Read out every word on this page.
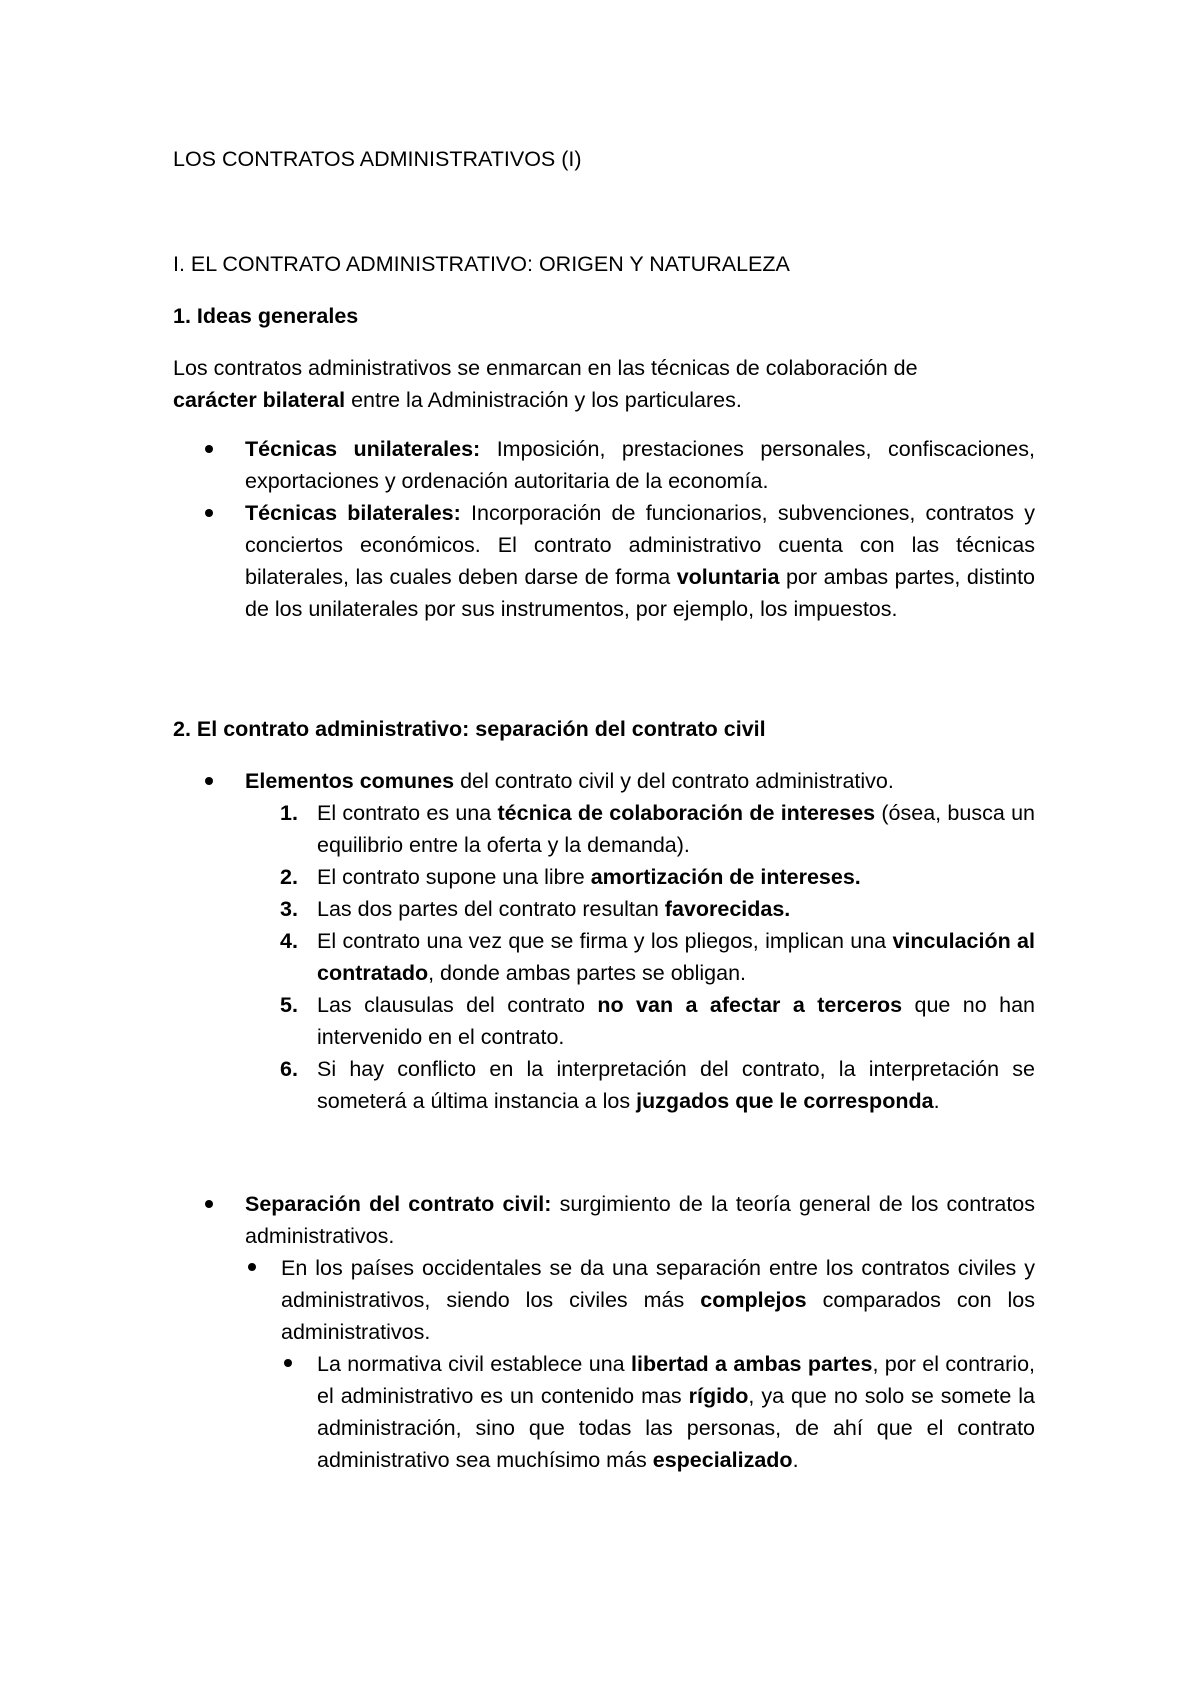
LOS CONTRATOS ADMINISTRATIVOS (I)

I. EL CONTRATO ADMINISTRATIVO: ORIGEN Y NATURALEZA

1. Ideas generales

Los contratos administrativos se enmarcan en las técnicas de colaboración de
carácter bilateral entre la Administración y los particulares.

Técnicas unilaterales: Imposición, prestaciones personales, confiscaciones, exportaciones y ordenación autoritaria de la economía.
Técnicas bilaterales: Incorporación de funcionarios, subvenciones, contratos y conciertos económicos. El contrato administrativo cuenta con las técnicas bilaterales, las cuales deben darse de forma voluntaria por ambas partes, distinto de los unilaterales por sus instrumentos, por ejemplo, los impuestos.

2. El contrato administrativo: separación del contrato civil

Elementos comunes del contrato civil y del contrato administrativo.
1. El contrato es una técnica de colaboración de intereses (ósea, busca un equilibrio entre la oferta y la demanda).
2. El contrato supone una libre amortización de intereses.
3. Las dos partes del contrato resultan favorecidas.
4. El contrato una vez que se firma y los pliegos, implican una vinculación al contratado, donde ambas partes se obligan.
5. Las clausulas del contrato no van a afectar a terceros que no han intervenido en el contrato.
6. Si hay conflicto en la interpretación del contrato, la interpretación se someterá a última instancia a los juzgados que le corresponda.
Separación del contrato civil: surgimiento de la teoría general de los contratos administrativos.
En los países occidentales se da una separación entre los contratos civiles y administrativos, siendo los civiles más complejos comparados con los administrativos.
La normativa civil establece una libertad a ambas partes, por el contrario, el administrativo es un contenido mas rígido, ya que no solo se somete la administración, sino que todas las personas, de ahí que el contrato administrativo sea muchísimo más especializado.
